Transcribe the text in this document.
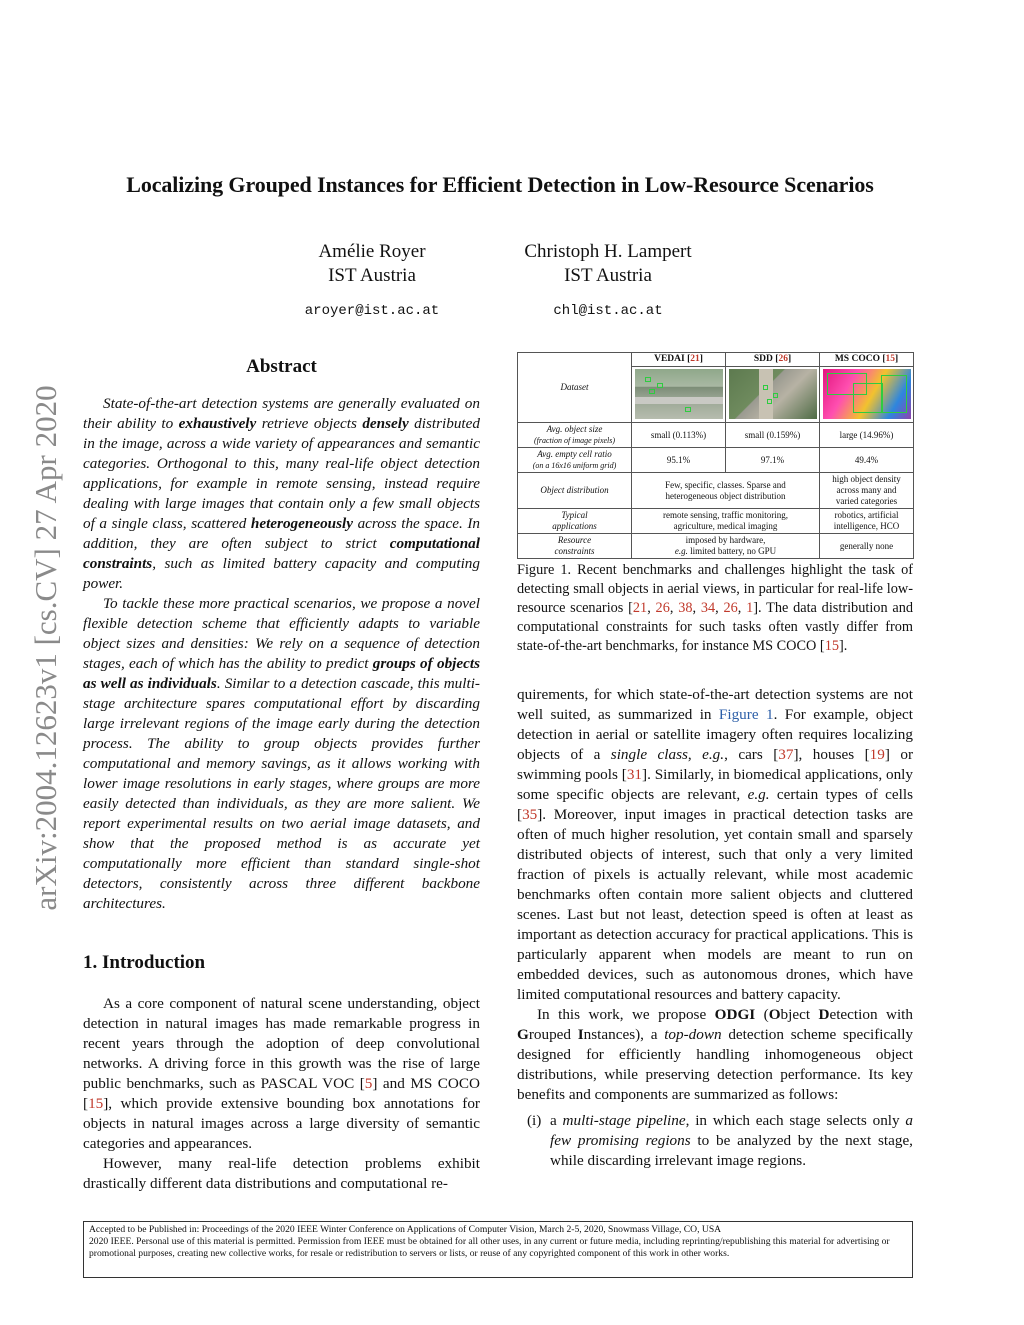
arXiv:2004.12623v1 [cs.CV] 27 Apr 2020
Localizing Grouped Instances for Efficient Detection in Low-Resource Scenarios
Amélie Royer
IST Austria
aroyer@ist.ac.at
Christoph H. Lampert
IST Austria
chl@ist.ac.at
Abstract

State-of-the-art detection systems are generally evaluated on their ability to exhaustively retrieve objects densely distributed in the image, across a wide variety of appearances and semantic categories. Orthogonal to this, many real-life object detection applications, for example in remote sensing, instead require dealing with large images that contain only a few small objects of a single class, scattered heterogeneously across the space. In addition, they are often subject to strict computational constraints, such as limited battery capacity and computing power.

To tackle these more practical scenarios, we propose a novel flexible detection scheme that efficiently adapts to variable object sizes and densities: We rely on a sequence of detection stages, each of which has the ability to predict groups of objects as well as individuals. Similar to a detection cascade, this multi-stage architecture spares computational effort by discarding large irrelevant regions of the image early during the detection process. The ability to group objects provides further computational and memory savings, as it allows working with lower image resolutions in early stages, where groups are more easily detected than individuals, as they are more salient. We report experimental results on two aerial image datasets, and show that the proposed method is as accurate yet computationally more efficient than standard single-shot detectors, consistently across three different backbone architectures.

1. Introduction

As a core component of natural scene understanding, object detection in natural images has made remarkable progress in recent years through the adoption of deep convolutional networks. A driving force in this growth was the rise of large public benchmarks, such as PASCAL VOC [5] and MS COCO [15], which provide extensive bounding box annotations for objects in natural images across a large diversity of semantic categories and appearances.

However, many real-life detection problems exhibit drastically different data distributions and computational re-

Dataset	VEDAI [21]	SDD [26]	MS COCO [15]

Avg. object size
(fraction of image pixels)	small (0.113%)	small (0.159%)	large (14.96%)
Avg. empty cell ratio
(on a 16x16 uniform grid)	95.1%	97.1%	49.4%
Object distribution	Few, specific, classes. Sparse and
heterogeneous object distribution		high object density
across many and
varied categories
Typical
applications	remote sensing, traffic monitoring,
agriculture, medical imaging		robotics, artificial
intelligence, HCO
Resource
constraints	imposed by hardware,
e.g. limited battery, no GPU		generally none

Figure 1. Recent benchmarks and challenges highlight the task of detecting small objects in aerial views, in particular for real-life low-resource scenarios [21, 26, 38, 34, 26, 1]. The data distribution and computational constraints for such tasks often vastly differ from state-of-the-art benchmarks, for instance MS COCO [15].

quirements, for which state-of-the-art detection systems are not well suited, as summarized in Figure 1. For example, object detection in aerial or satellite imagery often requires localizing objects of a single class, e.g., cars [37], houses [19] or swimming pools [31]. Similarly, in biomedical applications, only some specific objects are relevant, e.g. certain types of cells [35]. Moreover, input images in practical detection tasks are often of much higher resolution, yet contain small and sparsely distributed objects of interest, such that only a very limited fraction of pixels is actually relevant, while most academic benchmarks often contain more salient objects and cluttered scenes. Last but not least, detection speed is often at least as important as detection accuracy for practical applications. This is particularly apparent when models are meant to run on embedded devices, such as autonomous drones, which have limited computational resources and battery capacity.

In this work, we propose ODGI (Object Detection with Grouped Instances), a top-down detection scheme specifically designed for efficiently handling inhomogeneous object distributions, while preserving detection performance. Its key benefits and components are summarized as follows:

(i) a multi-stage pipeline, in which each stage selects only a few promising regions to be analyzed by the next stage, while discarding irrelevant image regions.

Accepted to be Published in: Proceedings of the 2020 IEEE Winter Conference on Applications of Computer Vision, March 2-5, 2020, Snowmass Village, CO, USA
2020 IEEE. Personal use of this material is permitted. Permission from IEEE must be obtained for all other uses, in any current or future media, including reprinting/republishing this material for advertising or promotional purposes, creating new collective works, for resale or redistribution to servers or lists, or reuse of any copyrighted component of this work in other works.
